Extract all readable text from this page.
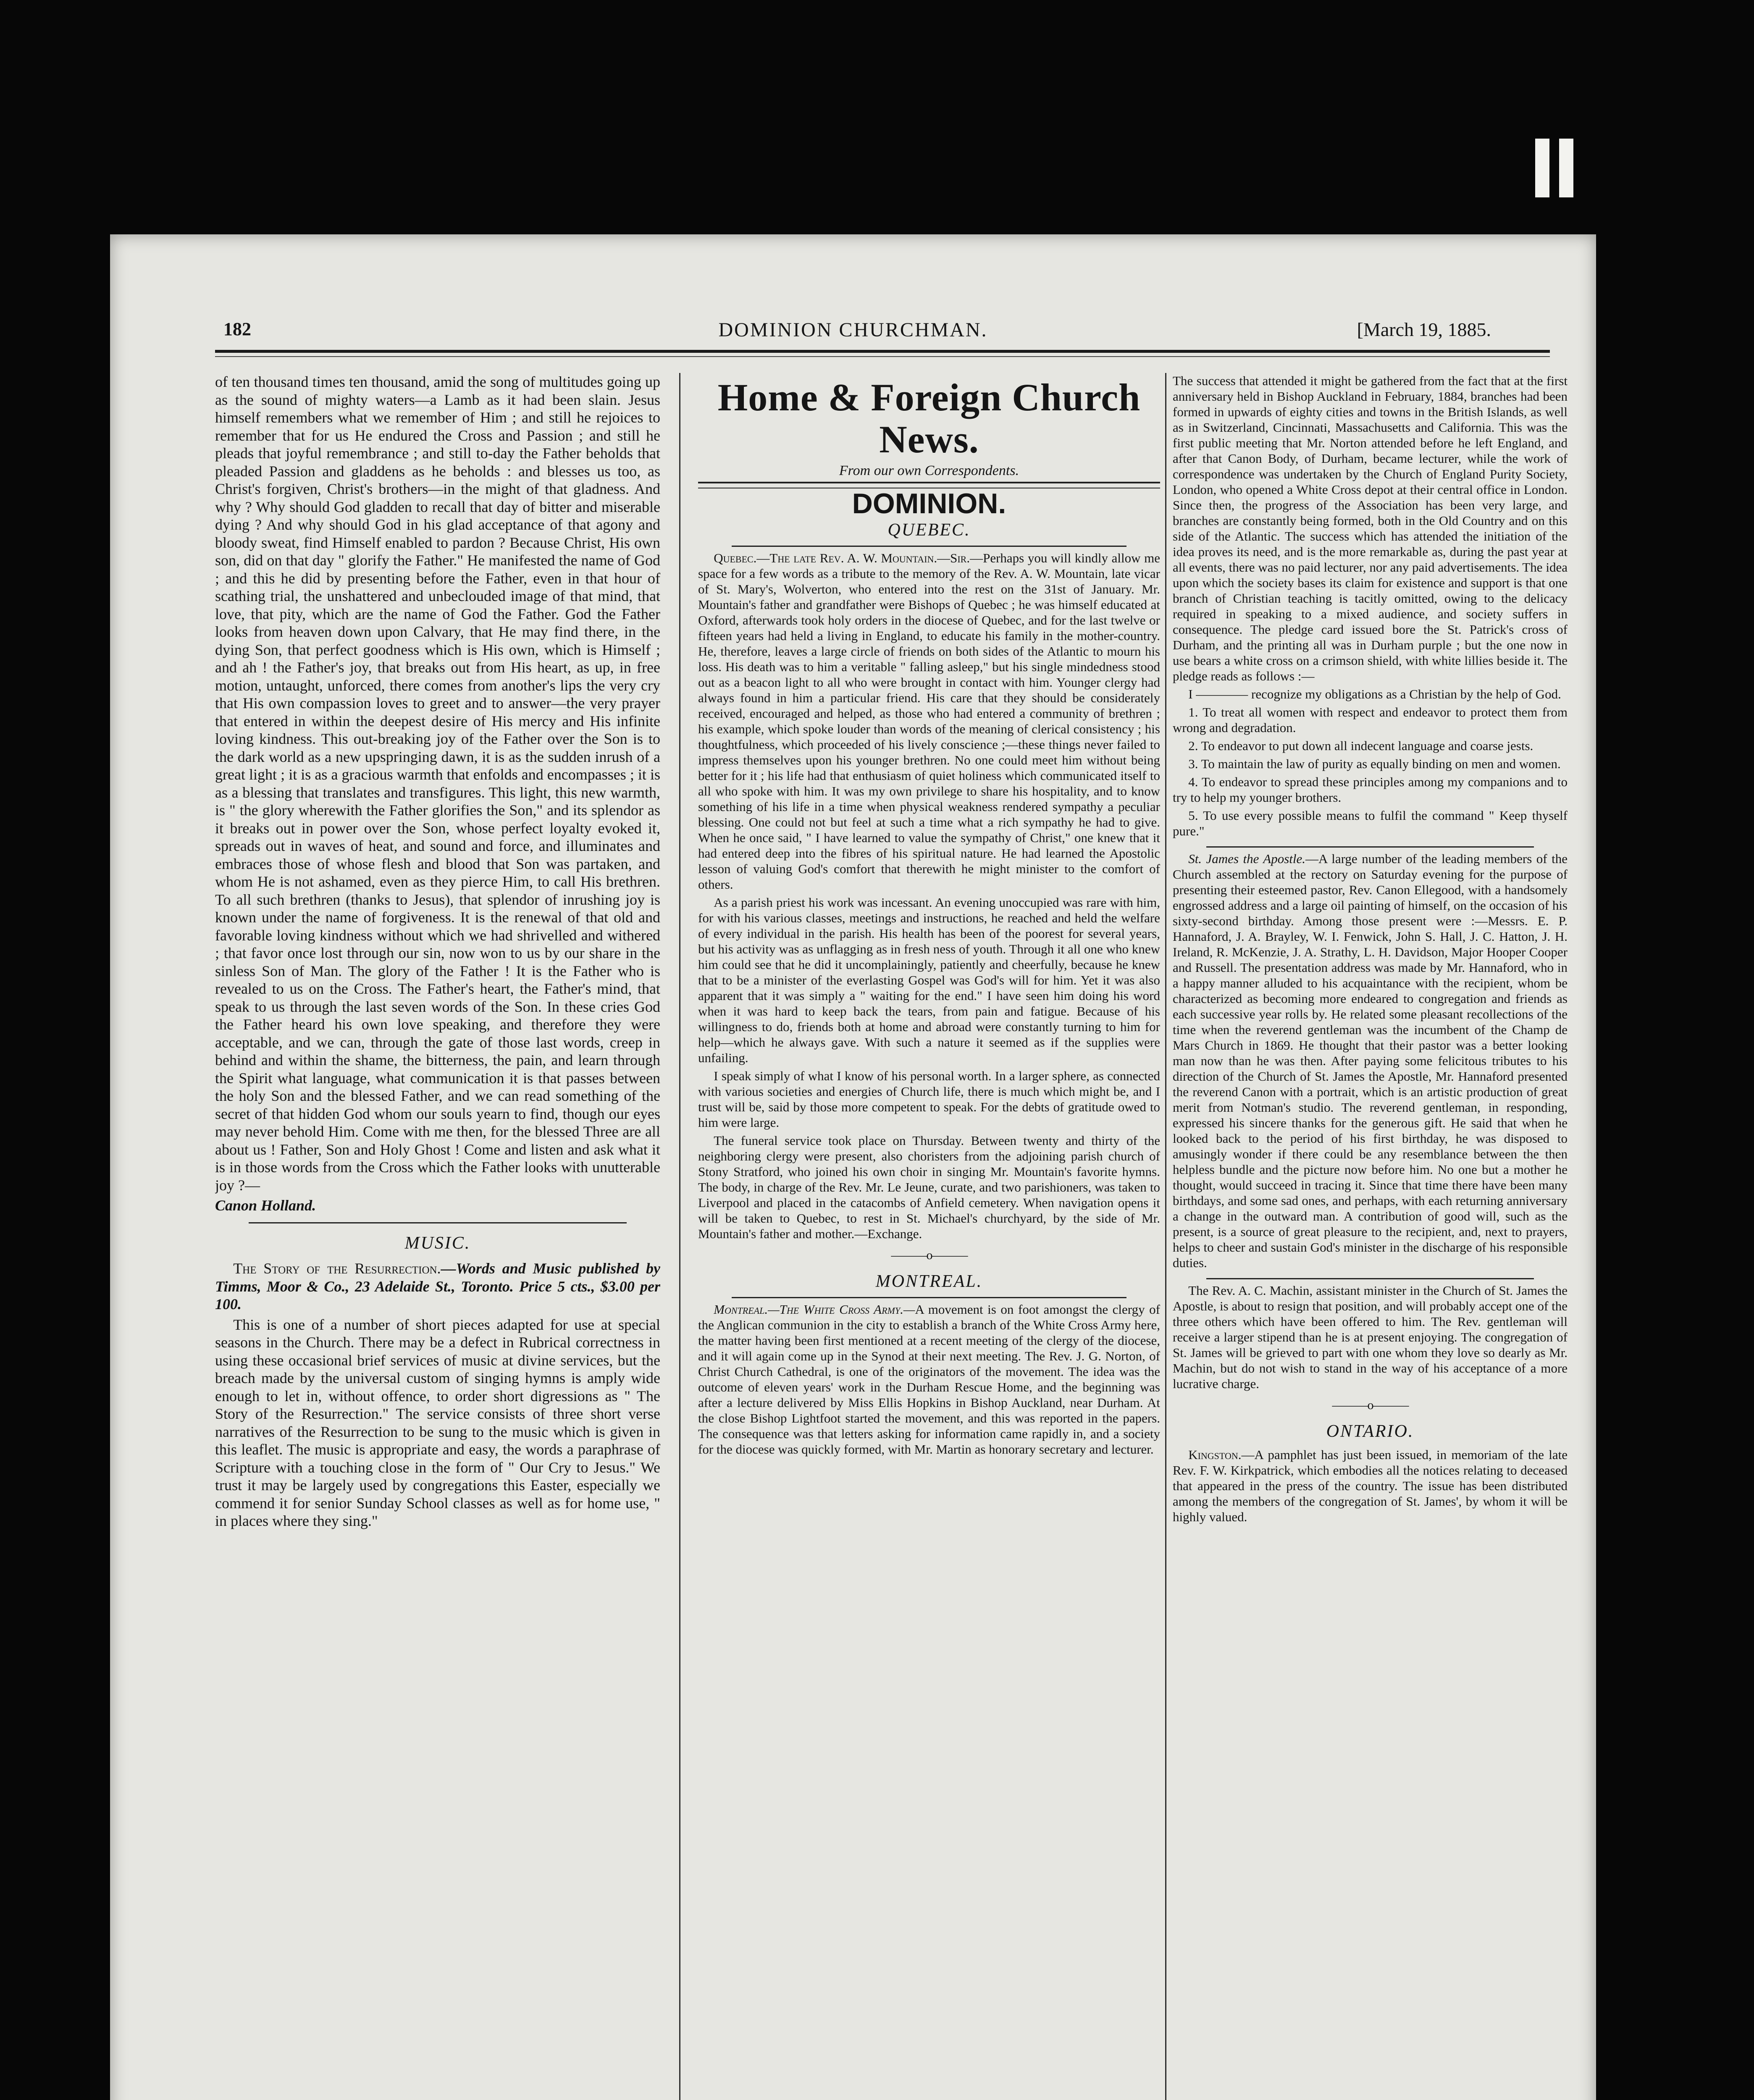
182	DOMINION CHURCHMAN.	[March 19, 1885.

of ten thousand times ten thousand, amid the song of multitudes going up as the sound of mighty waters—a Lamb as it had been slain. Jesus himself remembers what we remember of Him ; and still he rejoices to remember that for us He endured the Cross and Passion ; and still he pleads that joyful remembrance ; and still to-day the Father beholds that pleaded Passion and gladdens as he beholds : and blesses us too, as Christ's forgiven, Christ's brothers—in the might of that gladness. And why ? Why should God gladden to recall that day of bitter and miserable dying ? And why should God in his glad acceptance of that agony and bloody sweat, find Himself enabled to pardon ? Because Christ, His own son, did on that day " glorify the Father." He manifested the name of God ; and this he did by presenting before the Father, even in that hour of scathing trial, the unshattered and unbeclouded image of that mind, that love, that pity, which are the name of God the Father. God the Father looks from heaven down upon Calvary, that He may find there, in the dying Son, that perfect goodness which is His own, which is Himself ; and ah ! the Father's joy, that breaks out from His heart, as up, in free motion, untaught, unforced, there comes from another's lips the very cry that His own compassion loves to greet and to answer—the very prayer that entered in within the deepest desire of His mercy and His infinite loving kindness. This out-breaking joy of the Father over the Son is to the dark world as a new upspringing dawn, it is as the sudden inrush of a great light ; it is as a gracious warmth that enfolds and encompasses ; it is as a blessing that translates and transfigures. This light, this new warmth, is " the glory wherewith the Father glorifies the Son," and its splendor as it breaks out in power over the Son, whose perfect loyalty evoked it, spreads out in waves of heat, and sound and force, and illuminates and embraces those of whose flesh and blood that Son was partaken, and whom He is not ashamed, even as they pierce Him, to call His brethren. To all such brethren (thanks to Jesus), that splendor of inrushing joy is known under the name of forgiveness. It is the renewal of that old and favorable loving kindness without which we had shrivelled and withered ; that favor once lost through our sin, now won to us by our share in the sinless Son of Man. The glory of the Father ! It is the Father who is revealed to us on the Cross. The Father's heart, the Father's mind, that speak to us through the last seven words of the Son. In these cries God the Father heard his own love speaking, and therefore they were acceptable, and we can, through the gate of those last words, creep in behind and within the shame, the bitterness, the pain, and learn through the Spirit what language, what communication it is that passes between the holy Son and the blessed Father, and we can read something of the secret of that hidden God whom our souls yearn to find, though our eyes may never behold Him. Come with me then, for the blessed Three are all about us ! Father, Son and Holy Ghost ! Come and listen and ask what it is in those words from the Cross which the Father looks with unutterable joy ?—

Canon Holland.
MUSIC.

The Story of the Resurrection.—Words and Music published by Timms, Moor & Co., 23 Adelaide St., Toronto. Price 5 cts., $3.00 per 100.

This is one of a number of short pieces adapted for use at special seasons in the Church. There may be a defect in Rubrical correctness in using these occasional brief services of music at divine services, but the breach made by the universal custom of singing hymns is amply wide enough to let in, without offence, to order short digressions as " The Story of the Resurrection." The service consists of three short verse narratives of the Resurrection to be sung to the music which is given in this leaflet. The music is appropriate and easy, the words a paraphrase of Scripture with a touching close in the form of " Our Cry to Jesus." We trust it may be largely used by congregations this Easter, especially we commend it for senior Sunday School classes as well as for home use, " in places where they sing."

Home & Foreign Church News.
From our own Correspondents.
DOMINION.
QUEBEC.

Quebec.—The late Rev. A. W. Mountain.—Sir.—Perhaps you will kindly allow me space for a few words as a tribute to the memory of the Rev. A. W. Mountain, late vicar of St. Mary's, Wolverton, who entered into the rest on the 31st of January. Mr. Mountain's father and grandfather were Bishops of Quebec ; he was himself educated at Oxford, afterwards took holy orders in the diocese of Quebec, and for the last twelve or fifteen years had held a living in England, to educate his family in the mother-country. He, therefore, leaves a large circle of friends on both sides of the Atlantic to mourn his loss. His death was to him a veritable " falling asleep," but his single mindedness stood out as a beacon light to all who were brought in contact with him. Younger clergy had always found in him a particular friend. His care that they should be considerately received, encouraged and helped, as those who had entered a community of brethren ; his example, which spoke louder than words of the meaning of clerical consistency ; his thoughtfulness, which proceeded of his lively conscience ;—these things never failed to impress themselves upon his younger brethren. No one could meet him without being better for it ; his life had that enthusiasm of quiet holiness which communicated itself to all who spoke with him. It was my own privilege to share his hospitality, and to know something of his life in a time when physical weakness rendered sympathy a peculiar blessing. One could not but feel at such a time what a rich sympathy he had to give. When he once said, " I have learned to value the sympathy of Christ," one knew that it had entered deep into the fibres of his spiritual nature. He had learned the Apostolic lesson of valuing God's comfort that therewith he might minister to the comfort of others.

As a parish priest his work was incessant. An evening unoccupied was rare with him, for with his various classes, meetings and instructions, he reached and held the welfare of every individual in the parish. His health has been of the poorest for several years, but his activity was as unflagging as in fresh ness of youth. Through it all one who knew him could see that he did it uncomplainingly, patiently and cheerfully, because he knew that to be a minister of the everlasting Gospel was God's will for him. Yet it was also apparent that it was simply a " waiting for the end." I have seen him doing his word when it was hard to keep back the tears, from pain and fatigue. Because of his willingness to do, friends both at home and abroad were constantly turning to him for help—which he always gave. With such a nature it seemed as if the supplies were unfailing.

I speak simply of what I know of his personal worth. In a larger sphere, as connected with various societies and energies of Church life, there is much which might be, and I trust will be, said by those more competent to speak. For the debts of gratitude owed to him were large.

The funeral service took place on Thursday. Between twenty and thirty of the neighboring clergy were present, also choristers from the adjoining parish church of Stony Stratford, who joined his own choir in singing Mr. Mountain's favorite hymns. The body, in charge of the Rev. Mr. Le Jeune, curate, and two parishioners, was taken to Liverpool and placed in the catacombs of Anfield cemetery. When navigation opens it will be taken to Quebec, to rest in St. Michael's churchyard, by the side of Mr. Mountain's father and mother.—Exchange.

———o———
MONTREAL.

Montreal.—The White Cross Army.—A movement is on foot amongst the clergy of the Anglican communion in the city to establish a branch of the White Cross Army here, the matter having been first mentioned at a recent meeting of the clergy of the diocese, and it will again come up in the Synod at their next meeting. The Rev. J. G. Norton, of Christ Church Cathedral, is one of the originators of the movement. The idea was the outcome of eleven years' work in the Durham Rescue Home, and the beginning was after a lecture delivered by Miss Ellis Hopkins in Bishop Auckland, near Durham. At the close Bishop Lightfoot started the movement, and this was reported in the papers. The consequence was that letters asking for information came rapidly in, and a society for the diocese was quickly formed, with Mr. Martin as honorary secretary and lecturer.

The success that attended it might be gathered from the fact that at the first anniversary held in Bishop Auckland in February, 1884, branches had been formed in upwards of eighty cities and towns in the British Islands, as well as in Switzerland, Cincinnati, Massachusetts and California. This was the first public meeting that Mr. Norton attended before he left England, and after that Canon Body, of Durham, became lecturer, while the work of correspondence was undertaken by the Church of England Purity Society, London, who opened a White Cross depot at their central office in London. Since then, the progress of the Association has been very large, and branches are constantly being formed, both in the Old Country and on this side of the Atlantic. The success which has attended the initiation of the idea proves its need, and is the more remarkable as, during the past year at all events, there was no paid lecturer, nor any paid advertisements. The idea upon which the society bases its claim for existence and support is that one branch of Christian teaching is tacitly omitted, owing to the delicacy required in speaking to a mixed audience, and society suffers in consequence. The pledge card issued bore the St. Patrick's cross of Durham, and the printing all was in Durham purple ; but the one now in use bears a white cross on a crimson shield, with white lillies beside it. The pledge reads as follows :—

I ———— recognize my obligations as a Christian by the help of God.

1. To treat all women with respect and endeavor to protect them from wrong and degradation.

2. To endeavor to put down all indecent language and coarse jests.

3. To maintain the law of purity as equally binding on men and women.

4. To endeavor to spread these principles among my companions and to try to help my younger brothers.

5. To use every possible means to fulfil the command " Keep thyself pure."

St. James the Apostle.—A large number of the leading members of the Church assembled at the rectory on Saturday evening for the purpose of presenting their esteemed pastor, Rev. Canon Ellegood, with a handsomely engrossed address and a large oil painting of himself, on the occasion of his sixty-second birthday. Among those present were :—Messrs. E. P. Hannaford, J. A. Brayley, W. I. Fenwick, John S. Hall, J. C. Hatton, J. H. Ireland, R. McKenzie, J. A. Strathy, L. H. Davidson, Major Hooper Cooper and Russell. The presentation address was made by Mr. Hannaford, who in a happy manner alluded to his acquaintance with the recipient, whom be characterized as becoming more endeared to congregation and friends as each successive year rolls by. He related some pleasant recollections of the time when the reverend gentleman was the incumbent of the Champ de Mars Church in 1869. He thought that their pastor was a better looking man now than he was then. After paying some felicitous tributes to his direction of the Church of St. James the Apostle, Mr. Hannaford presented the reverend Canon with a portrait, which is an artistic production of great merit from Notman's studio. The reverend gentleman, in responding, expressed his sincere thanks for the generous gift. He said that when he looked back to the period of his first birthday, he was disposed to amusingly wonder if there could be any resemblance between the then helpless bundle and the picture now before him. No one but a mother he thought, would succeed in tracing it. Since that time there have been many birthdays, and some sad ones, and perhaps, with each returning anniversary a change in the outward man. A contribution of good will, such as the present, is a source of great pleasure to the recipient, and, next to prayers, helps to cheer and sustain God's minister in the discharge of his responsible duties.

The Rev. A. C. Machin, assistant minister in the Church of St. James the Apostle, is about to resign that position, and will probably accept one of the three others which have been offered to him. The Rev. gentleman will receive a larger stipend than he is at present enjoying. The congregation of St. James will be grieved to part with one whom they love so dearly as Mr. Machin, but do not wish to stand in the way of his acceptance of a more lucrative charge.

———o———
ONTARIO.

Kingston.—A pamphlet has just been issued, in memoriam of the late Rev. F. W. Kirkpatrick, which embodies all the notices relating to deceased that appeared in the press of the country. The issue has been distributed among the members of the congregation of St. James', by whom it will be highly valued.
